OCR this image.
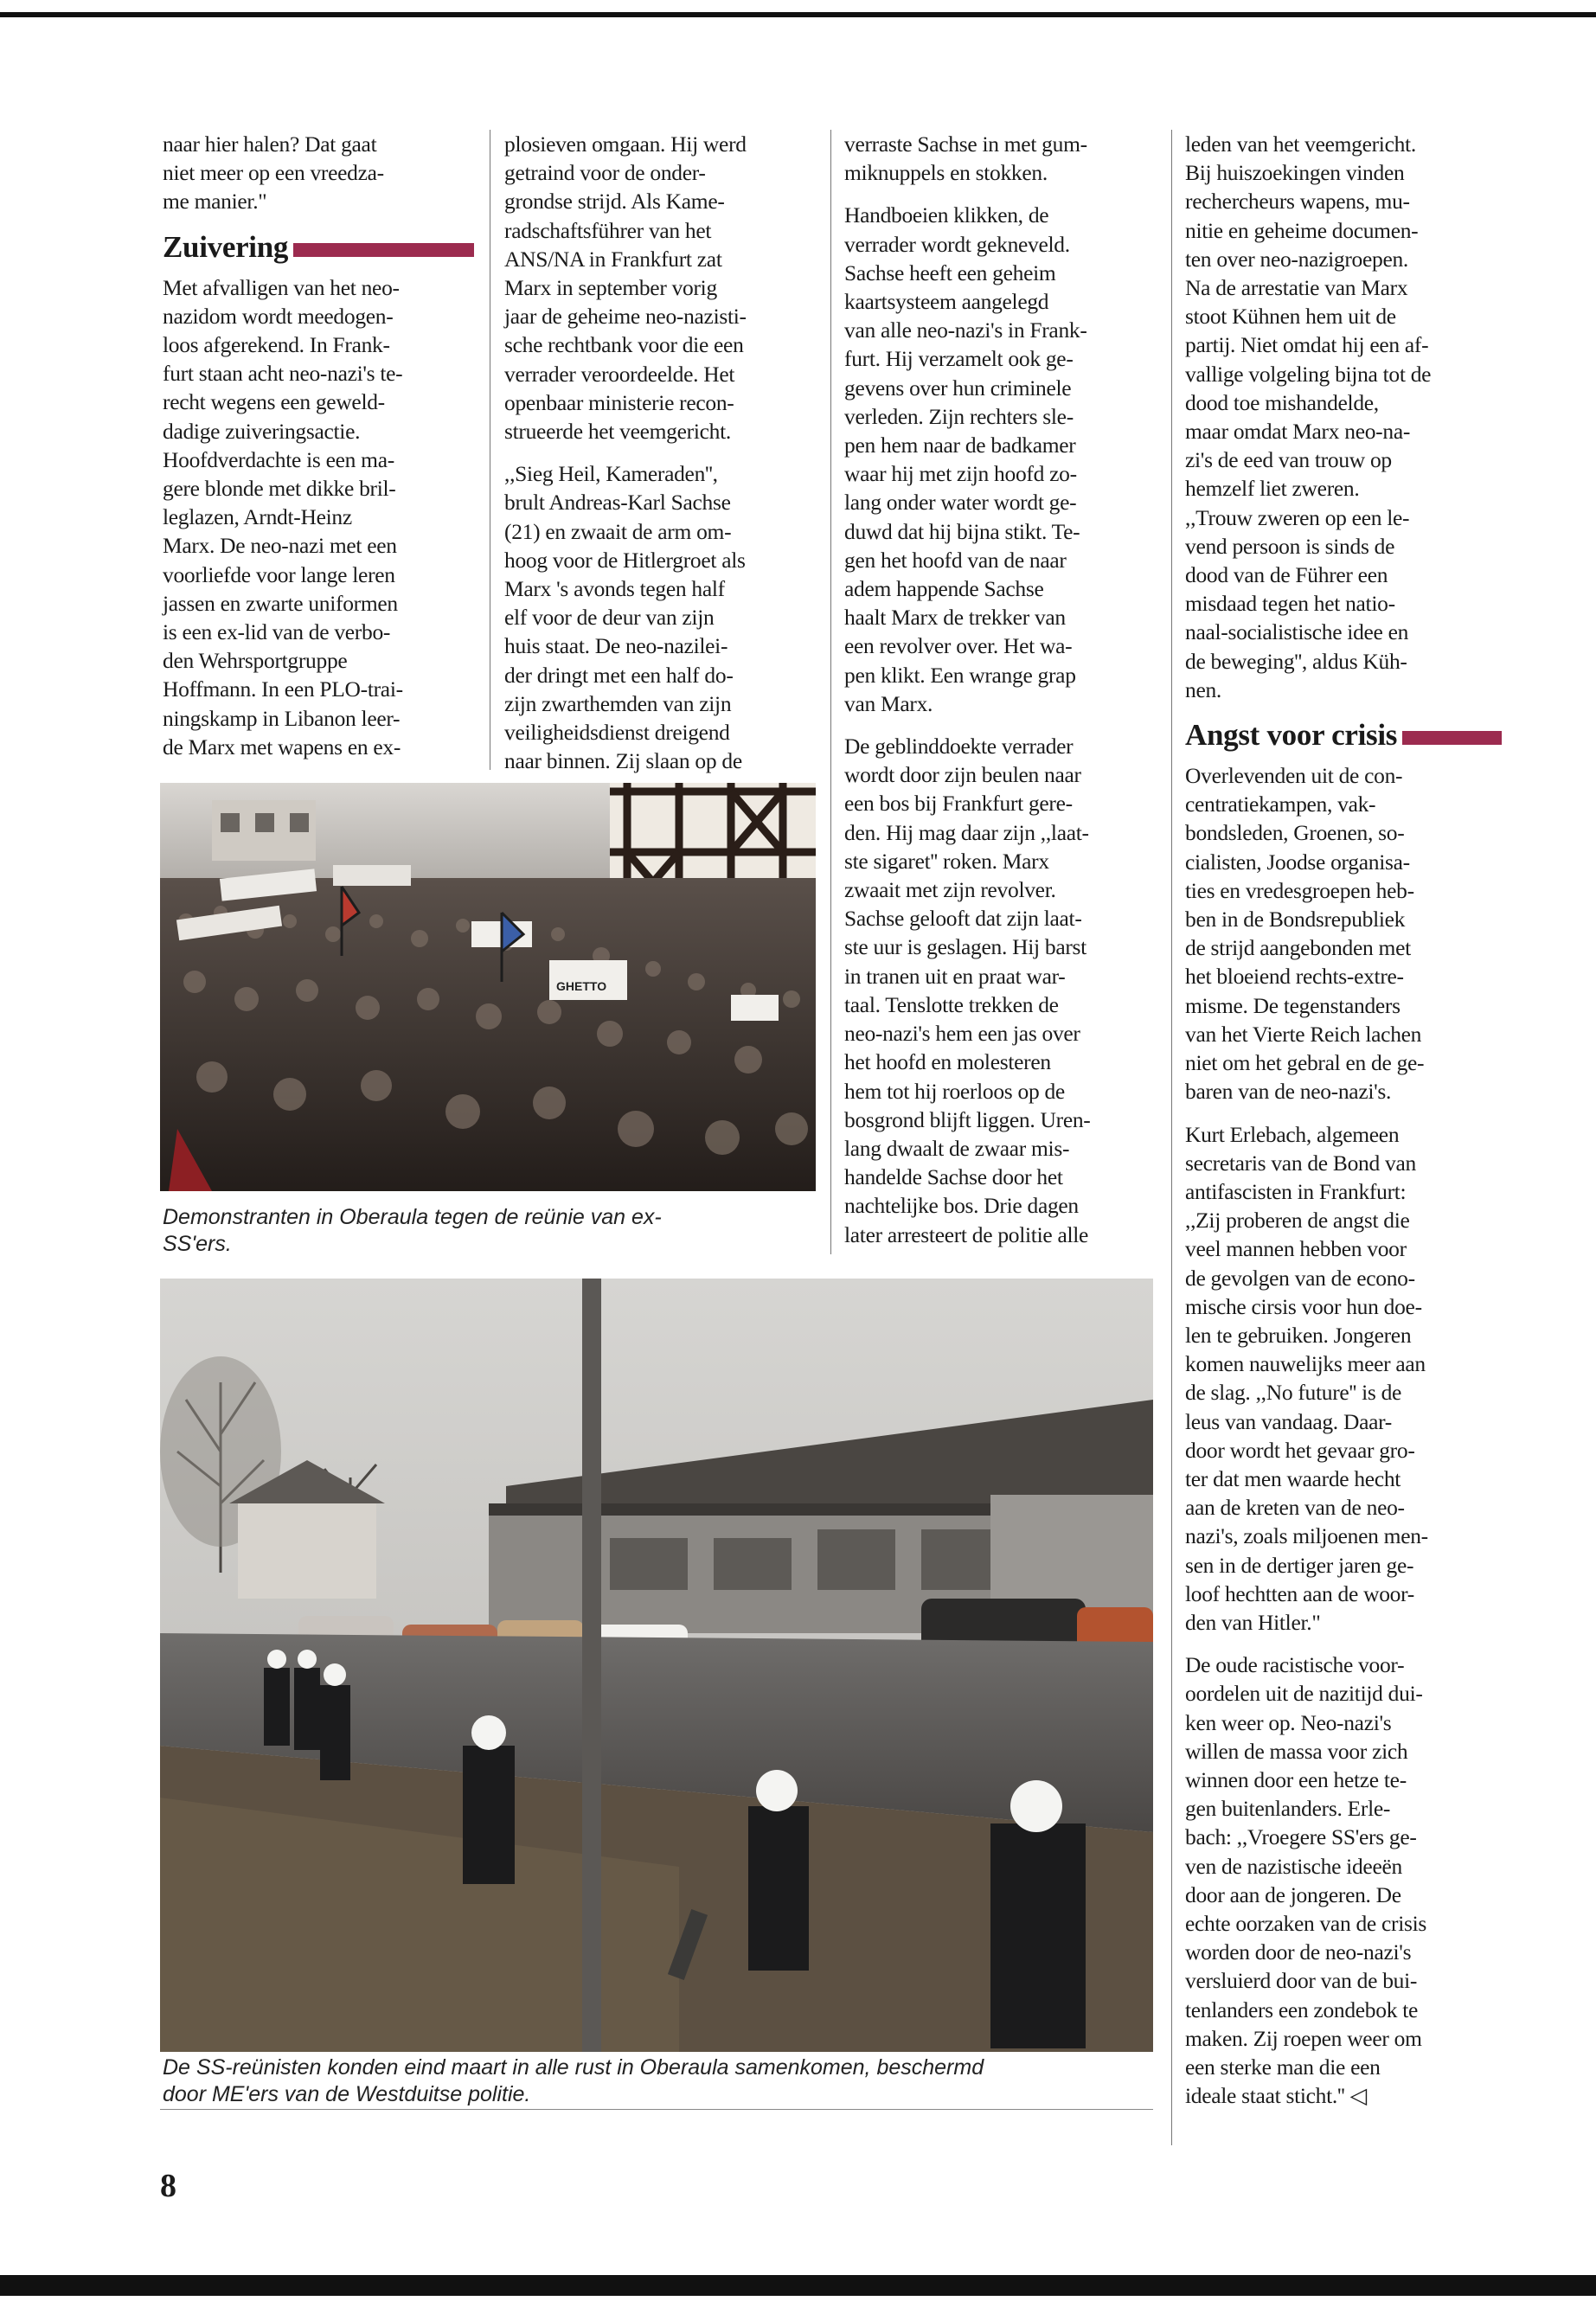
naar hier halen? Dat gaat
niet meer op een vreedza-
me manier."

Zuivering

Met afvalligen van het neo-
nazidom wordt meedogen-
loos afgerekend. In Frank-
furt staan acht neo-nazi's te-
recht wegens een geweld-
dadige zuiveringsactie.
Hoofdverdachte is een ma-
gere blonde met dikke bril-
leglazen, Arndt-Heinz
Marx. De neo-nazi met een
voorliefde voor lange leren
jassen en zwarte uniformen
is een ex-lid van de verbo-
den Wehrsportgruppe
Hoffmann. In een PLO-trai-
ningskamp in Libanon leer-
de Marx met wapens en ex-

plosieven omgaan. Hij werd
getraind voor de onder-
grondse strijd. Als Kame-
radschaftsführer van het
ANS/NA in Frankfurt zat
Marx in september vorig
jaar de geheime neo-nazisti-
sche rechtbank voor die een
verrader veroordeelde. Het
openbaar ministerie recon-
strueerde het veemgericht.

,,Sieg Heil, Kameraden'',
brult Andreas-Karl Sachse
(21) en zwaait de arm om-
hoog voor de Hitlergroet als
Marx 's avonds tegen half
elf voor de deur van zijn
huis staat. De neo-nazilei-
der dringt met een half do-
zijn zwarthemden van zijn
veiligheidsdienst dreigend
naar binnen. Zij slaan op de

verraste Sachse in met gum-
miknuppels en stokken.

Handboeien klikken, de
verrader wordt gekneveld.
Sachse heeft een geheim
kaartsysteem aangelegd
van alle neo-nazi's in Frank-
furt. Hij verzamelt ook ge-
gevens over hun criminele
verleden. Zijn rechters sle-
pen hem naar de badkamer
waar hij met zijn hoofd zo-
lang onder water wordt ge-
duwd dat hij bijna stikt. Te-
gen het hoofd van de naar
adem happende Sachse
haalt Marx de trekker van
een revolver over. Het wa-
pen klikt. Een wrange grap
van Marx.

De geblinddoekte verrader
wordt door zijn beulen naar
een bos bij Frankfurt gere-
den. Hij mag daar zijn ,,laat-
ste sigaret'' roken. Marx
zwaait met zijn revolver.
Sachse gelooft dat zijn laat-
ste uur is geslagen. Hij barst
in tranen uit en praat war-
taal. Tenslotte trekken de
neo-nazi's hem een jas over
het hoofd en molesteren
hem tot hij roerloos op de
bosgrond blijft liggen. Uren-
lang dwaalt de zwaar mis-
handelde Sachse door het
nachtelijke bos. Drie dagen
later arresteert de politie alle

leden van het veemgericht.
Bij huiszoekingen vinden
rechercheurs wapens, mu-
nitie en geheime documen-
ten over neo-nazigroepen.
Na de arrestatie van Marx
stoot Kühnen hem uit de
partij. Niet omdat hij een af-
vallige volgeling bijna tot de
dood toe mishandelde,
maar omdat Marx neo-na-
zi's de eed van trouw op
hemzelf liet zweren.
,,Trouw zweren op een le-
vend persoon is sinds de
dood van de Führer een
misdaad tegen het natio-
naal-socialistische idee en
de beweging'', aldus Küh-
nen.

Angst voor crisis

Overlevenden uit de con-
centratiekampen, vak-
bondsleden, Groenen, so-
cialisten, Joodse organisa-
ties en vredesgroepen heb-
ben in de Bondsrepubliek
de strijd aangebonden met
het bloeiend rechts-extre-
misme. De tegenstanders
van het Vierte Reich lachen
niet om het gebral en de ge-
baren van de neo-nazi's.

Kurt Erlebach, algemeen
secretaris van de Bond van
antifascisten in Frankfurt:
,,Zij proberen de angst die
veel mannen hebben voor
de gevolgen van de econo-
mische cirsis voor hun doe-
len te gebruiken. Jongeren
komen nauwelijks meer aan
de slag. ,,No future'' is de
leus van vandaag. Daar-
door wordt het gevaar gro-
ter dat men waarde hecht
aan de kreten van de neo-
nazi's, zoals miljoenen men-
sen in de dertiger jaren ge-
loof hechtten aan de woor-
den van Hitler."

De oude racistische voor-
oordelen uit de nazitijd dui-
ken weer op. Neo-nazi's
willen de massa voor zich
winnen door een hetze te-
gen buitenlanders. Erle-
bach: ,,Vroegere SS'ers ge-
ven de nazistische ideeën
door aan de jongeren. De
echte oorzaken van de crisis
worden door de neo-nazi's
versluierd door van de bui-
tenlanders een zondebok te
maken. Zij roepen weer om
een sterke man die een
ideale staat sticht.'' ◁

GHETTO
Demonstranten in Oberaula tegen de reünie van ex-
SS'ers.
De SS-reünisten konden eind maart in alle rust in Oberaula samenkomen, beschermd
door ME'ers van de Westduitse politie.
8
